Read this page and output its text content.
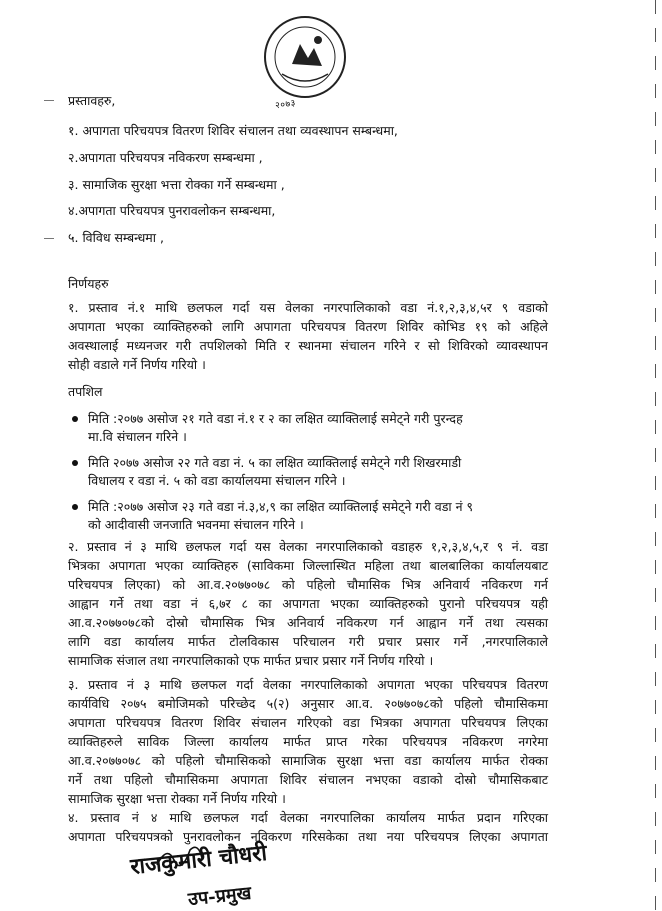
२०७३
प्रस्तावहरु,
१. अपागता परिचयपत्र वितरण शिविर संचालन तथा व्यवस्थापन सम्बन्धमा,
२.अपागता परिचयपत्र नविकरण सम्बन्धमा ,
३. सामाजिक सुरक्षा भत्ता रोक्का गर्ने सम्बन्धमा ,
४.अपागता परिचयपत्र पुनरावलोकन सम्बन्धमा,
५. विविध सम्बन्धमा ,
निर्णयहरु
१. प्रस्ताव नं.१ माथि छलफल गर्दा यस वेलका नगरपालिकाको वडा नं.१,२,३,४,५र ९ वडाको
अपागता भएका व्याक्तिहरुको लागि अपागता परिचयपत्र वितरण शिविर कोभिड १९ को अहिले
अवस्थालाई मध्यनजर गरी तपशिलको मिति र स्थानमा संचालन गरिने र सो शिविरको व्यावस्थापन
सोही वडाले गर्ने निर्णय गरियो ।
तपशिल
मिति :२०७७ असोज २१ गते वडा नं.१ र २ का लक्षित व्याक्तिलाई समेट्ने गरी पुरन्दह
मा.वि संचालन गरिने ।
मिति २०७७ असोज २२ गते वडा नं. ५ का लक्षित व्याक्तिलाई समेट्ने गरी शिखरमाडी
विधालय र वडा नं. ५ को वडा कार्यालयमा संचालन गरिने ।
मिति :२०७७ असोज २३ गते वडा नं.३,४,९ का लक्षित व्याक्तिलाई समेट्ने गरी वडा नं ९
को आदीवासी जनजाति भवनमा संचालन गरिने ।
२. प्रस्ताव नं ३ माथि छलफल गर्दा यस वेलका नगरपालिकाको वडाहरु १,२,३,४,५,र ९ नं. वडा
भित्रका अपागता भएका व्याक्तिहरु (साविकमा जिल्लास्थित महिला तथा बालबालिका कार्यालयबाट
परिचयपत्र लिएका) को आ.व.२०७७०७८ को पहिलो चौमासिक भित्र अनिवार्य नविकरण गर्न
आह्वान गर्ने तथा वडा नं ६,७र ८ का अपागता भएका व्याक्तिहरुको पुरानो परिचयपत्र यही
आ.व.२०७७०७८को दोस्रो चौमासिक भित्र अनिवार्य नविकरण गर्न आह्वान गर्ने तथा त्यसका
लागि वडा कार्यालय मार्फत टोलविकास परिचालन गरी प्रचार प्रसार गर्ने ,नगरपालिकाले
सामाजिक संजाल तथा नगरपालिकाको एफ मार्फत प्रचार प्रसार गर्ने निर्णय गरियो ।
३. प्रस्ताव नं ३ माथि छलफल गर्दा वेलका नगरपालिकाको अपागता भएका परिचयपत्र वितरण
कार्यविधि २०७५ बमोजिमको परिच्छेद ५(२) अनुसार आ.व. २०७७०७८को पहिलो चौमासिकमा
अपागता परिचयपत्र वितरण शिविर संचालन गरिएको वडा भित्रका अपागता परिचयपत्र लिएका
व्याक्तिहरुले साविक जिल्ला कार्यालय मार्फत प्राप्त गरेका परिचयपत्र नविकरण नगरेमा
आ.व.२०७७०७८ को पहिलो चौमासिकको सामाजिक सुरक्षा भत्ता वडा कार्यालय मार्फत रोक्का
गर्ने तथा पहिलो चौमासिकमा अपागता शिविर संचालन नभएका वडाको दोस्रो चौमासिकबाट
सामाजिक सुरक्षा भत्ता रोक्का गर्ने निर्णय गरियो ।
४. प्रस्ताव नं ४ माथि छलफल गर्दा वेलका नगरपालिका कार्यालय मार्फत प्रदान गरिएका
अपागता परिचयपत्रको पुनरावलोकन नविकरण गरिसकेका तथा नया परिचयपत्र लिएका अपागता
राजकुमारी चौधरी
उप-प्रमुख
